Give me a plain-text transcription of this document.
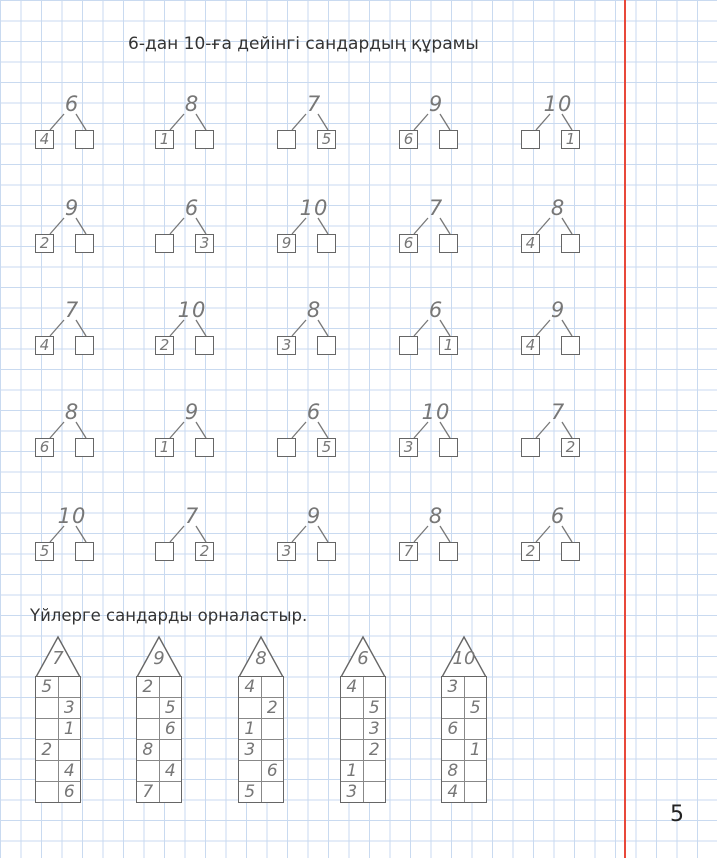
6-дан 10-ға дейінгі сандардың құрамы
6
4
8
1
7
5
9
6
10
1
9
2
6
3
10
9
7
6
8
4
7
4
10
2
8
3
6
1
9
4
8
6
9
1
6
5
10
3
7
2
10
5
7
2
9
3
8
7
6
2
Үйлерге сандарды орналастыр.
7
5
3
1
2
4
6
9
2
5
6
8
4
7
8
4
2
1
3
6
5
6
4
5
3
2
1
3
10
3
5
6
1
8
4
5
